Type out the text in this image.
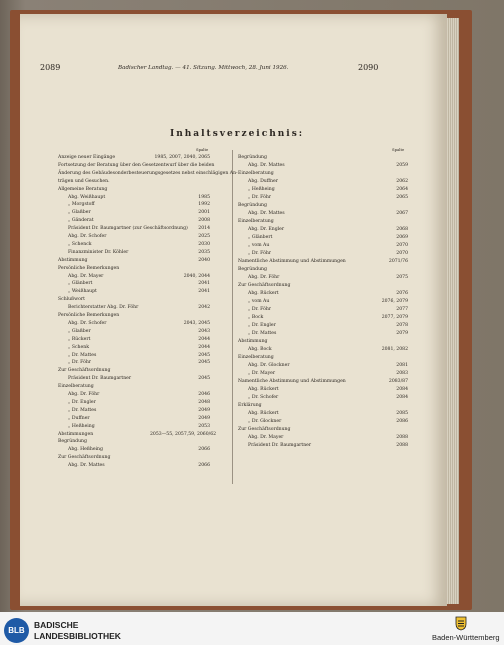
2089	Badischer Landtag. — 41. Sitzung. Mittwoch, 28. Juni 1926.	2090
Inhaltsverzeichnis:
Spalte	Spalte
Anzeige neuer Eingänge	1985, 2007, 2040, 2065
Fortsetzung der Beratung über den Gesetzentwurf über die beiden
Änderung des Gebäudesonderbesteuerungsgesetzes nebst einschlägigen An-
trägen und Gesuchen.
Allgemeine Beratung
Abg. Weißhaupt	1985
„ Morgstoff	1992
„ Glaßber	2001
„ Gänderat	2008
Präsident Dr. Baumgartner (zur Geschäftsordnung)	2014
Abg. Dr. Schofer	2025
„ Schenck	2030
Finanzminister Dr. Köhler	2035
Abstimmung	2040
Persönliche Bemerkungen
Abg. Dr. Mayer	2040, 2044
„ Glänbert	2041
„ Weißhaupt	2041
Schlußwort
Berichterstatter Abg. Dr. Föhr	2042
Persönliche Bemerkungen
Abg. Dr. Schofer	2043, 2045
„ Glaßber	2043
„ Rückert	2044
„ Schenk	2044
„ Dr. Mattes	2045
„ Dr. Föhr	2045
Zur Geschäftsordnung
Präsident Dr. Baumgartner	2045
Einzelberatung
Abg. Dr. Föhr	2046
„ Dr. Engler	2048
„ Dr. Mattes	2049
„ Duffner	2049
„ Heßheing	2053
Abstimmungen	2053—55, 2057,59, 2060/62
Begründung
Abg. Heßheing	2066
Zur Geschäftsordnung
Abg. Dr. Mattes	2066
Begründung
Abg. Dr. Mattes	2059
Einzelberatung
Abg. Duffner	2062
„ Heßheing	2064
„ Dr. Föhr	2065
Begründung
Abg. Dr. Mattes	2067
Einzelberatung
Abg. Dr. Engler	2068
„ Glänbert	2069
„ vom Au	2070
„ Dr. Föhr	2070
Namentliche Abstimmung und Abstimmungen	2071/76
Begründung
Abg. Dr. Föhr	2075
Zur Geschäftsordnung
Abg. Rückert	2076
„ vom Au	2076, 2079
„ Dr. Föhr	2077
„ Bock	2077, 2079
„ Dr. Engler	2078
„ Dr. Mattes	2079
Abstimmung
Abg. Bock	2081, 2082
Einzelberatung
Abg. Dr. Glockner	2081
„ Dr. Mayer	2083
Namentliche Abstimmung und Abstimmungen	2083/87
Abg. Rückert	2084
„ Dr. Schofer	2084
Erklärung
Abg. Rückert	2085
„ Dr. Glockner	2086
Zur Geschäftsordnung
Abg. Dr. Mayer	2088
Präsident Dr. Baumgartner	2088
BLB
BADISCHE
LANDESBIBLIOTHEK	Baden-Württemberg
